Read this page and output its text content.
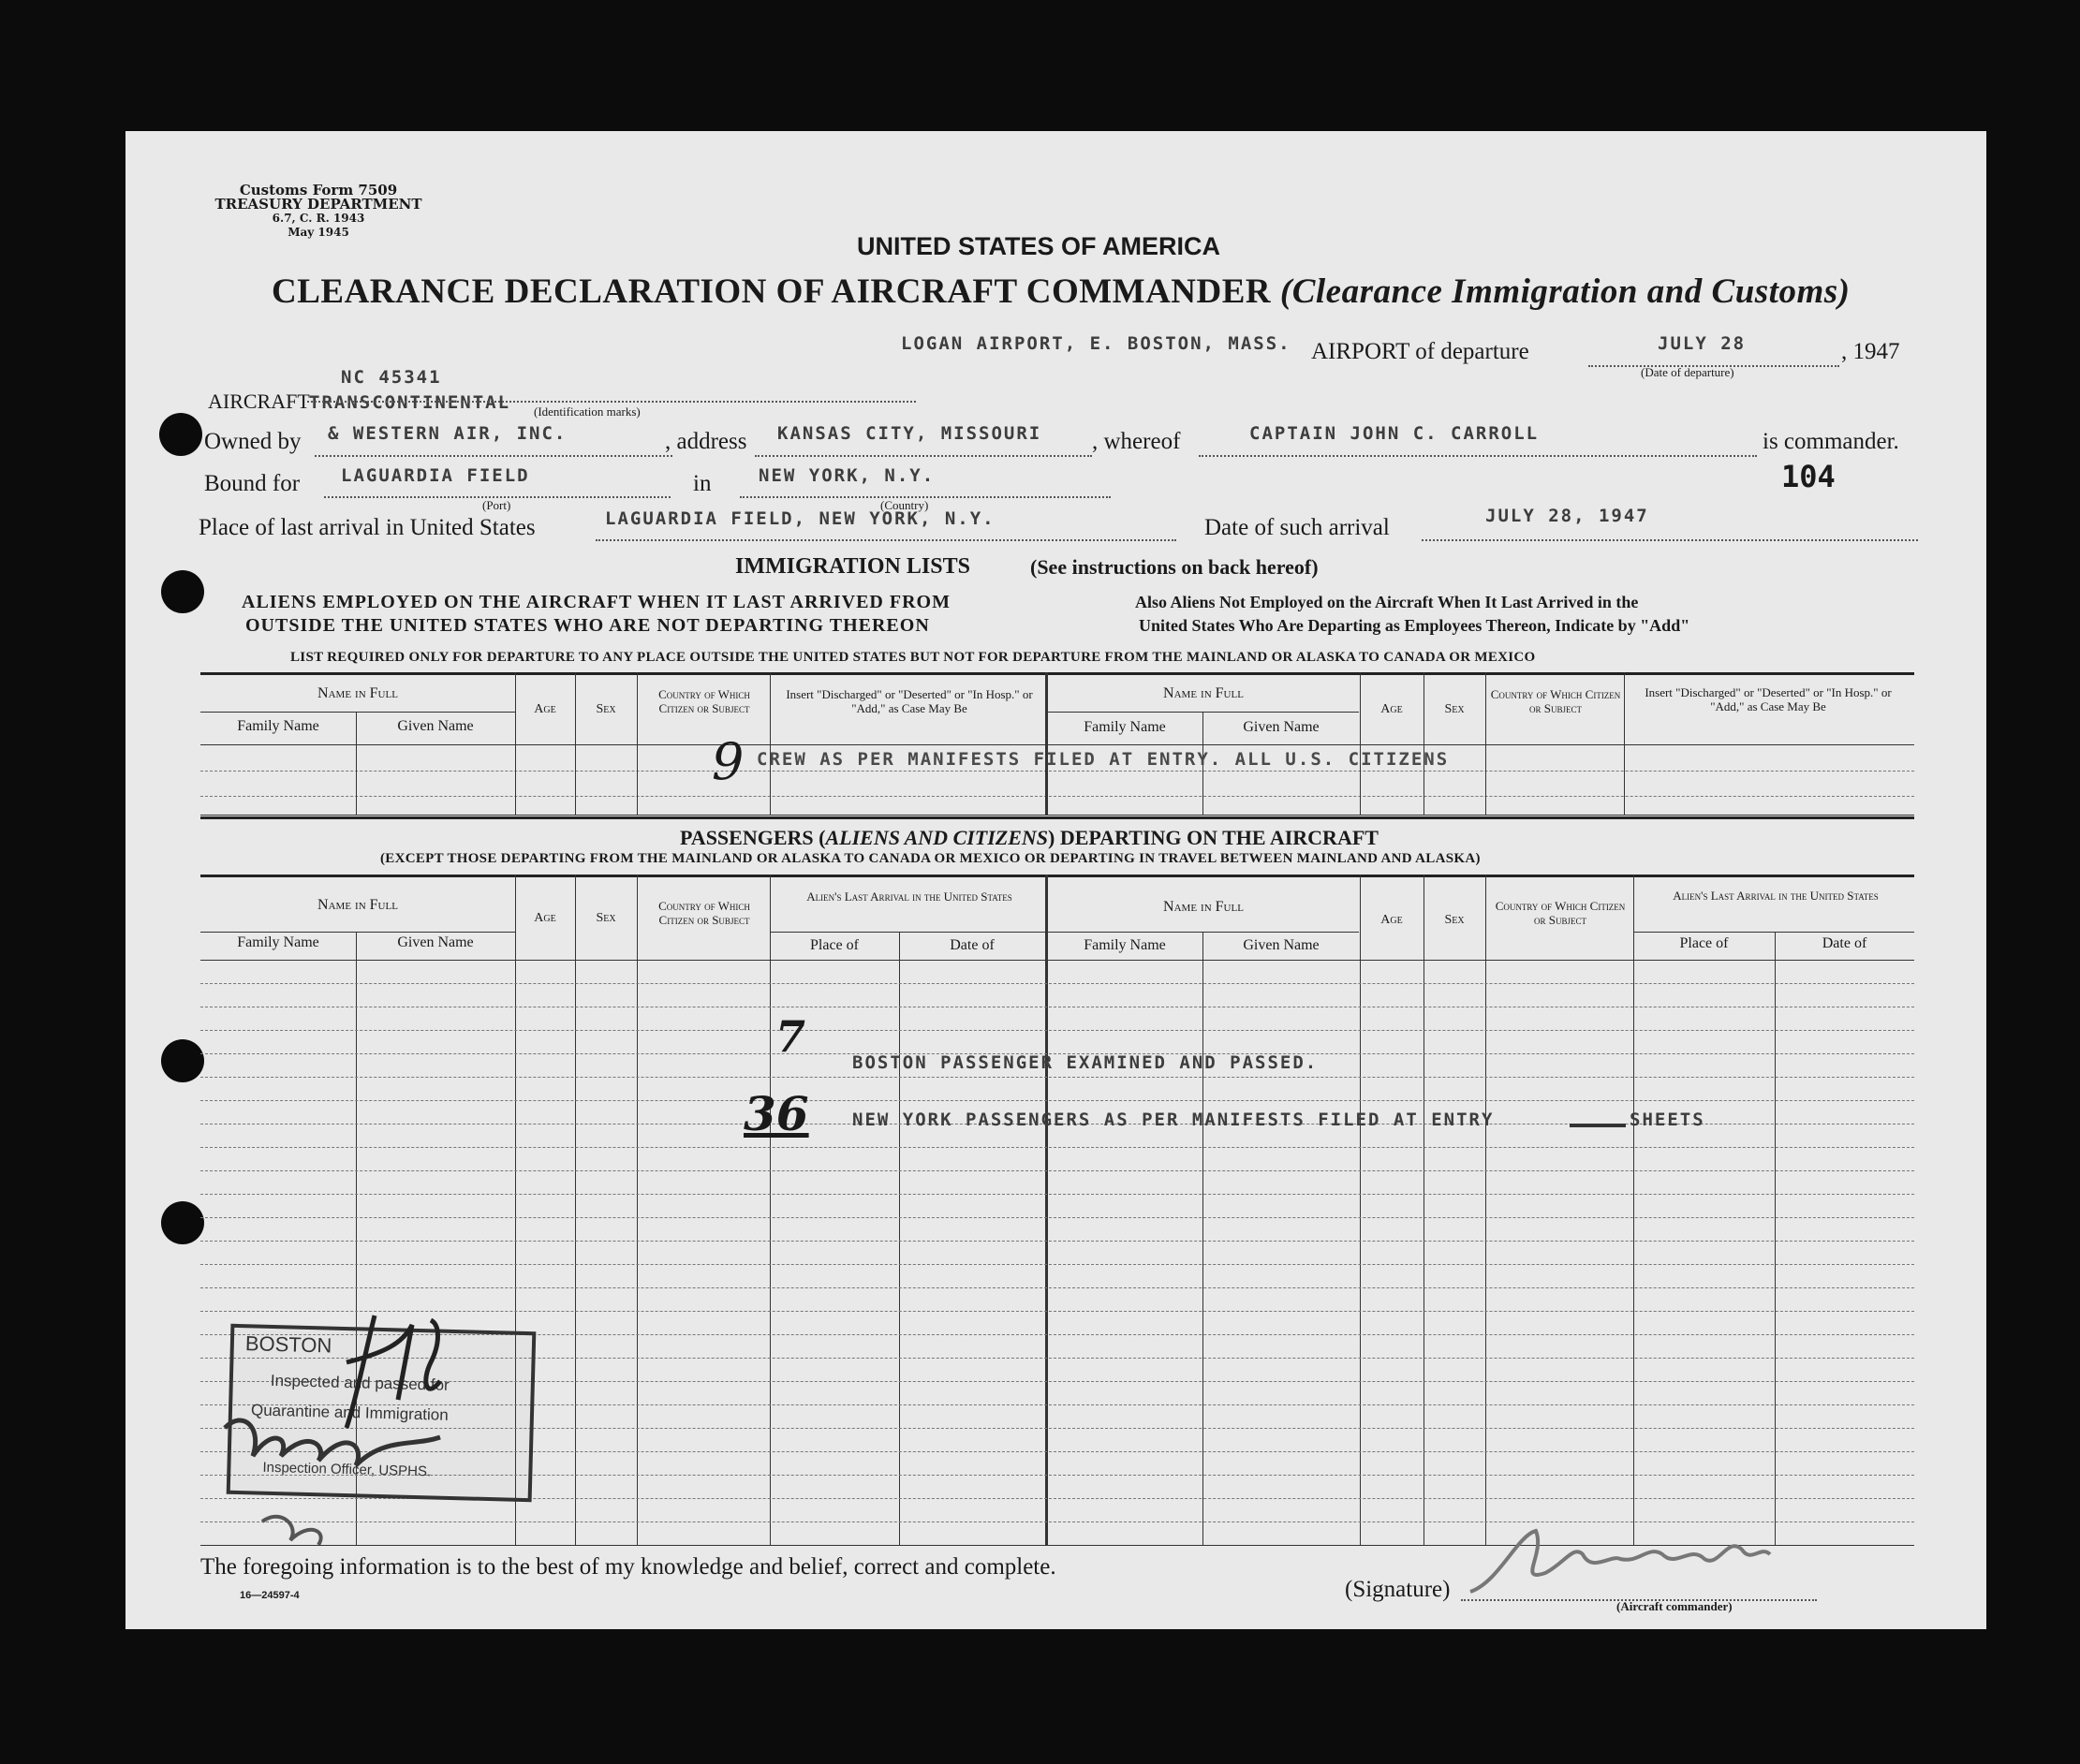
Customs Form 7509
TREASURY DEPARTMENT
6.7, C. R. 1943
May 1945	UNITED STATES OF AMERICA
CLEARANCE DECLARATION OF AIRCRAFT COMMANDER (Clearance Immigration and Customs)
LOGAN AIRPORT, E. BOSTON, MASS. AIRPORT of departure	JULY 28	, 1947
(Date of departure)
NC 45341
AIRCRAFT TRANSCONTINENTAL (Identification marks)
Owned by & WESTERN AIR, INC.	, address KANSAS CITY, MISSOURI , whereof	CAPTAIN JOHN C. CARROLL	is commander.
Bound for LAGUARDIA FIELD
(Port)
in	NEW YORK, N.Y.
(Country)
104
Place of last arrival in United States	LAGUARDIA FIELD, NEW YORK, N.Y.	Date of such arrival	JULY 28, 1947
IMMIGRATION LISTS	(See instructions on back hereof)
ALIENS EMPLOYED ON THE AIRCRAFT WHEN IT LAST ARRIVED FROM
OUTSIDE THE UNITED STATES WHO ARE NOT DEPARTING THEREON
Also Aliens Not Employed on the Aircraft When It Last Arrived in the
United States Who Are Departing as Employees Thereon, Indicate by "Add"
LIST REQUIRED ONLY FOR DEPARTURE TO ANY PLACE OUTSIDE THE UNITED STATES BUT NOT FOR DEPARTURE FROM THE MAINLAND OR ALASKA TO CANADA OR MEXICO
Name in Full
Family Name	Given Name
Age	Sex
Country of Which Citizen or Subject
Insert "Discharged" or "Deserted" or "In Hosp." or "Add," as Case May Be
Name in Full
Family Name	Given Name
Age	Sex
Country of Which Citizen or Subject
Insert "Discharged" or "Deserted" or "In Hosp." or "Add," as Case May Be
9 CREW AS PER MANIFESTS FILED AT ENTRY. ALL U.S. CITIZENS
PASSENGERS (ALIENS AND CITIZENS) DEPARTING ON THE AIRCRAFT
(EXCEPT THOSE DEPARTING FROM THE MAINLAND OR ALASKA TO CANADA OR MEXICO OR DEPARTING IN TRAVEL BETWEEN MAINLAND AND ALASKA)
Name in Full
Family Name	Given Name
Age	Sex
Country of Which Citizen or Subject
Alien's Last Arrival in the United States
Place of	Date of
Name in Full
Family Name	Given Name
Age	Sex
Country of Which Citizen or Subject
Alien's Last Arrival in the United States
Place of	Date of
7
BOSTON PASSENGER EXAMINED AND PASSED.
36 NEW YORK PASSENGERS AS PER MANIFESTS FILED AT ENTRY	SHEETS
BOSTON
Inspected and passed for
Quarantine and Immigration
Inspection Officer, USPHS.
The foregoing information is to the best of my knowledge and belief, correct and complete.
16—24597-4	(Signature)
(Aircraft commander)
